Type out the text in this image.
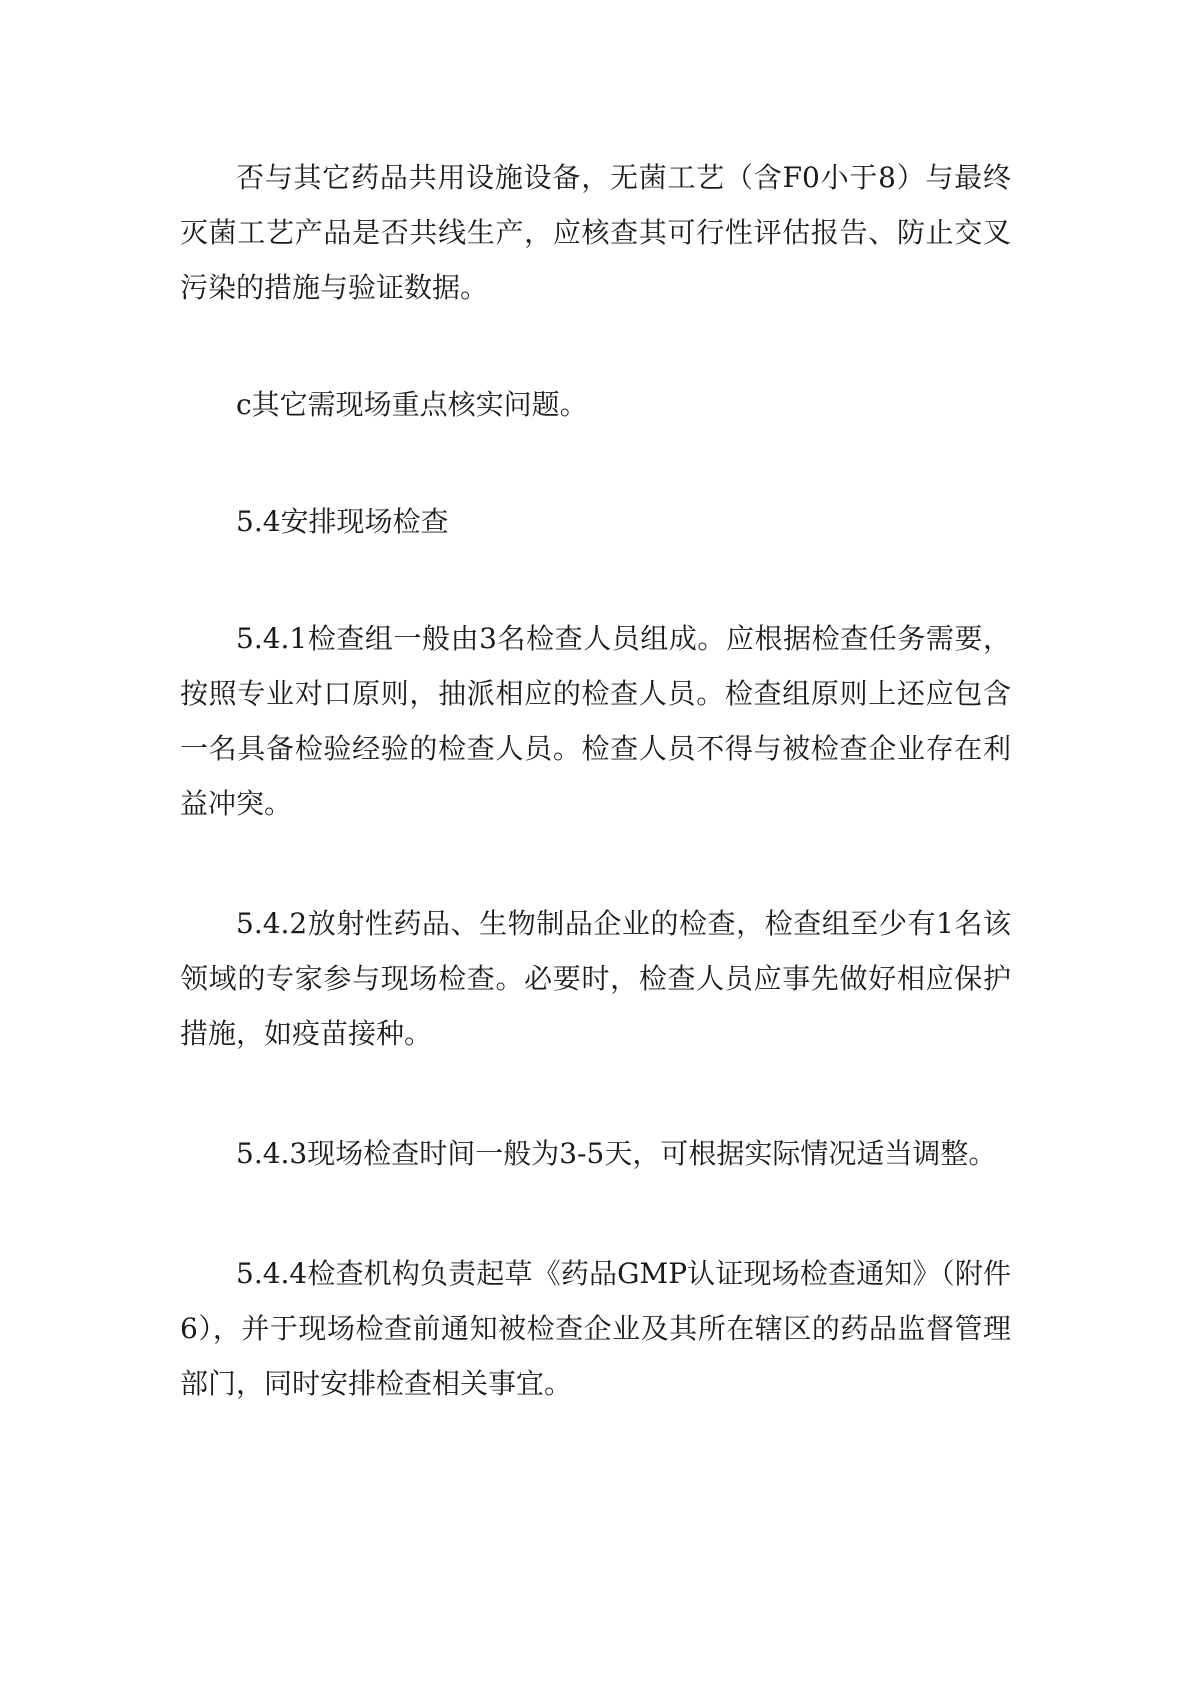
否与其它药品共用设施设备，无菌工艺（含F0小于8）与最终灭菌工艺产品是否共线生产，应核查其可行性评估报告、防止交叉污染的措施与验证数据。

c其它需现场重点核实问题。

5.4安排现场检查

5.4.1检查组一般由3名检查人员组成。应根据检查任务需要，按照专业对口原则，抽派相应的检查人员。检查组原则上还应包含一名具备检验经验的检查人员。检查人员不得与被检查企业存在利益冲突。

5.4.2放射性药品、生物制品企业的检查，检查组至少有1名该领域的专家参与现场检查。必要时，检查人员应事先做好相应保护措施，如疫苗接种。

5.4.3现场检查时间一般为3-5天，可根据实际情况适当调整。

5.4.4检查机构负责起草《药品GMP认证现场检查通知》（附件6），并于现场检查前通知被检查企业及其所在辖区的药品监督管理部门，同时安排检查相关事宜。
